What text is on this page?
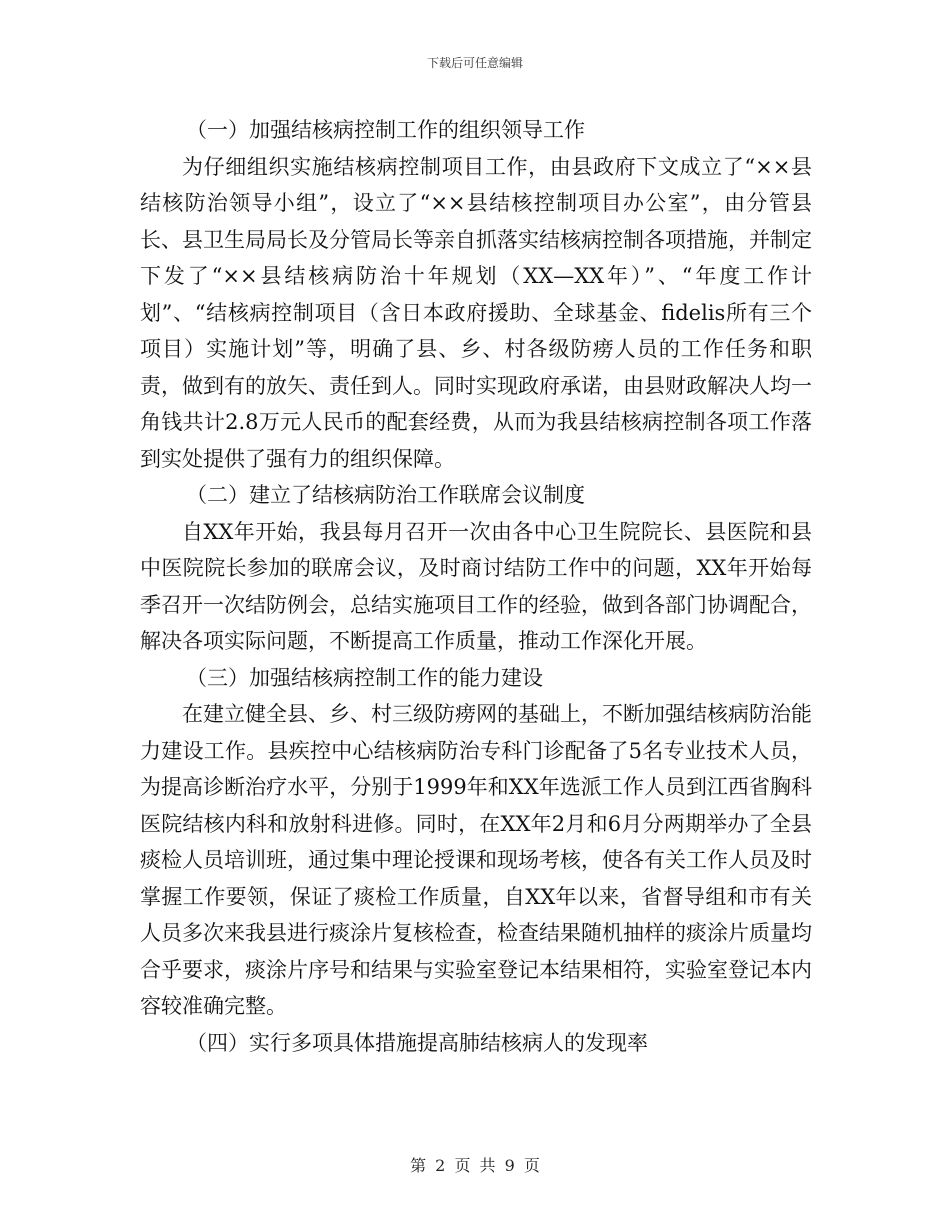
下载后可任意编辑

（一）加强结核病控制工作的组织领导工作

为仔细组织实施结核病控制项目工作，由县政府下文成立了“××县结核防治领导小组”，设立了“××县结核控制项目办公室”，由分管县长、县卫生局局长及分管局长等亲自抓落实结核病控制各项措施，并制定下发了“××县结核病防治十年规划（XX—XX年）”、“年度工作计划”、“结核病控制项目（含日本政府援助、全球基金、fidelis所有三个项目）实施计划”等，明确了县、乡、村各级防痨人员的工作任务和职责，做到有的放矢、责任到人。同时实现政府承诺，由县财政解决人均一角钱共计2.8万元人民币的配套经费，从而为我县结核病控制各项工作落到实处提供了强有力的组织保障。

（二）建立了结核病防治工作联席会议制度

自XX年开始，我县每月召开一次由各中心卫生院院长、县医院和县中医院院长参加的联席会议，及时商讨结防工作中的问题，XX年开始每季召开一次结防例会，总结实施项目工作的经验，做到各部门协调配合，解决各项实际问题，不断提高工作质量，推动工作深化开展。

（三）加强结核病控制工作的能力建设

在建立健全县、乡、村三级防痨网的基础上，不断加强结核病防治能力建设工作。县疾控中心结核病防治专科门诊配备了5名专业技术人员，为提高诊断治疗水平，分别于1999年和XX年选派工作人员到江西省胸科医院结核内科和放射科进修。同时，在XX年2月和6月分两期举办了全县痰检人员培训班，通过集中理论授课和现场考核，使各有关工作人员及时掌握工作要领，保证了痰检工作质量，自XX年以来，省督导组和市有关人员多次来我县进行痰涂片复核检查，检查结果随机抽样的痰涂片质量均合乎要求，痰涂片序号和结果与实验室登记本结果相符，实验室登记本内容较准确完整。

（四）实行多项具体措施提高肺结核病人的发现率

第 2 页 共 9 页
